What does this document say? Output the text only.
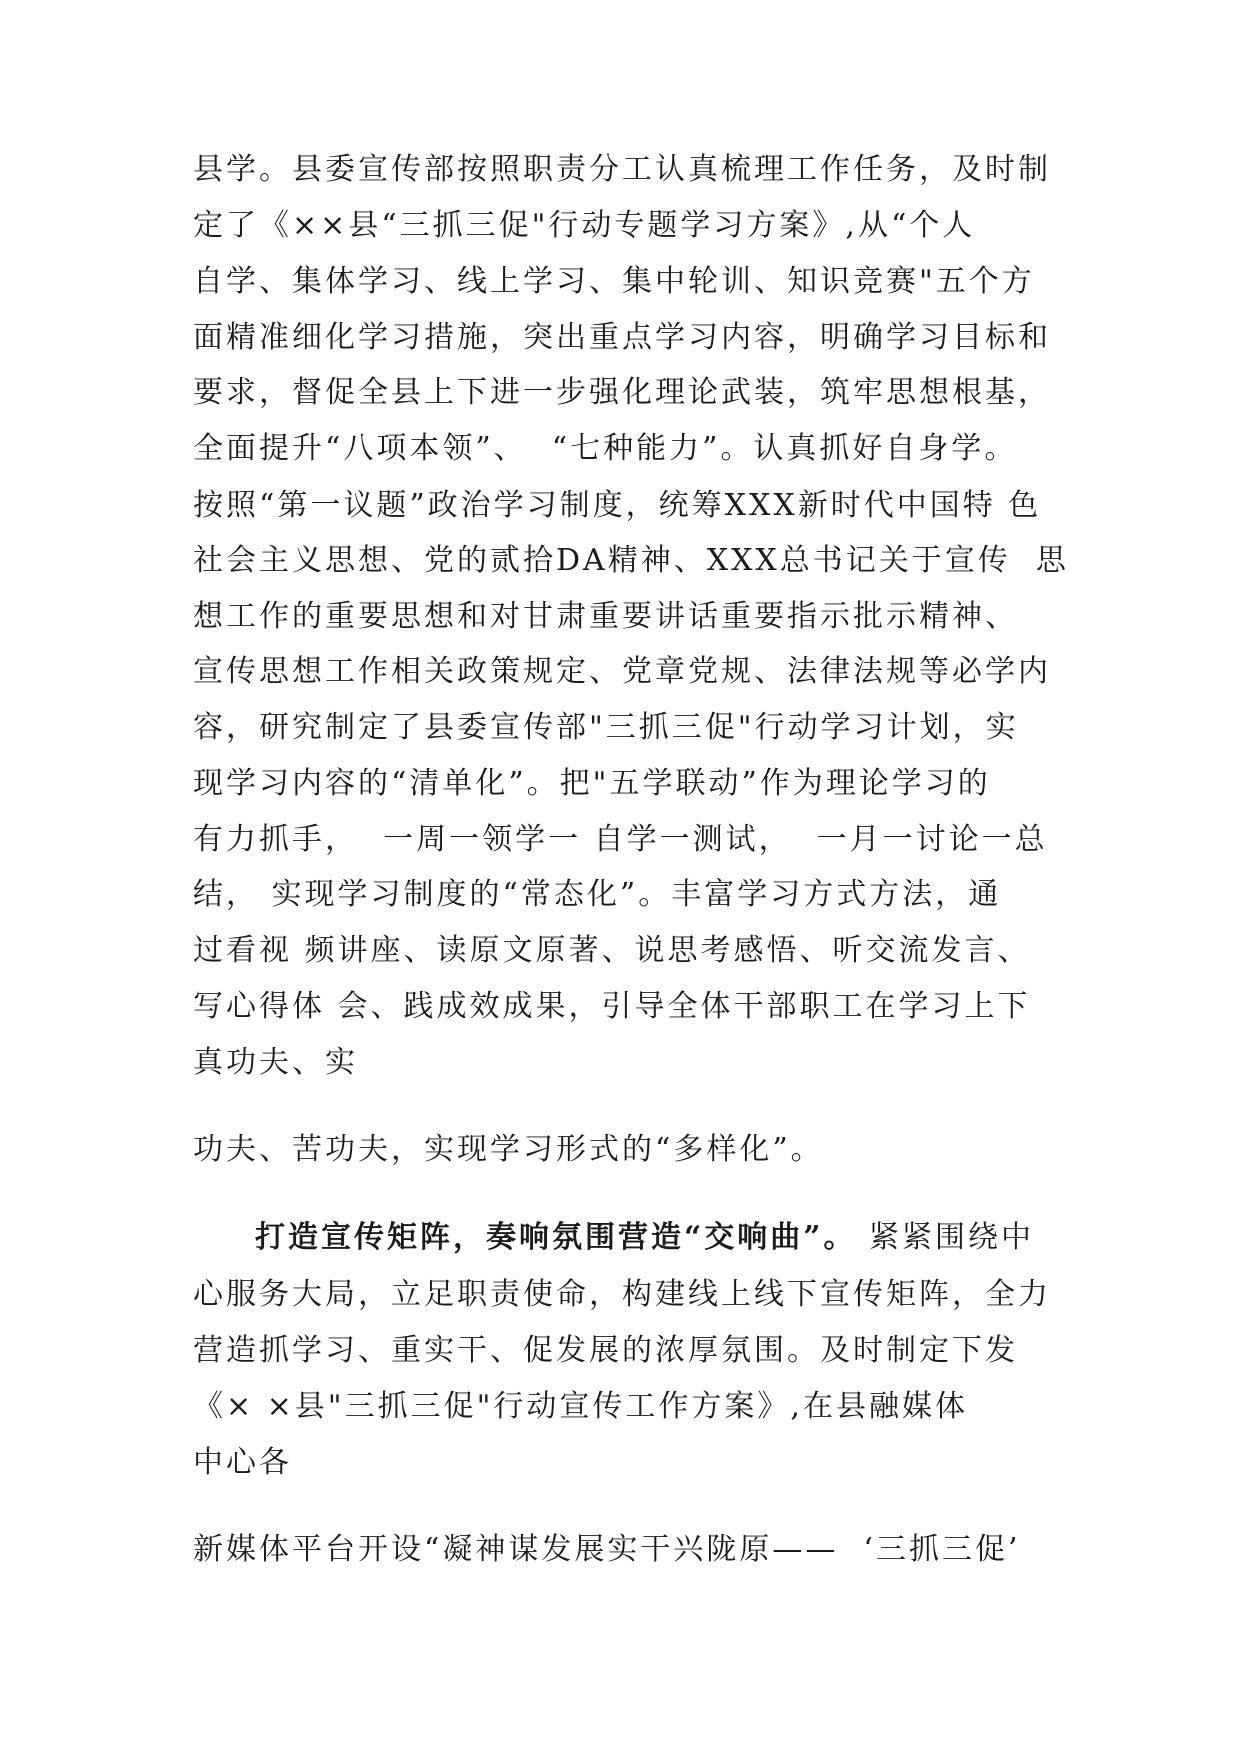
县学。县委宣传部按照职责分工认真梳理工作任务，及时制
定了《××县“三抓三促"行动专题学习方案》,从“个人
自学、集体学习、线上学习、集中轮训、知识竞赛"五个方
面精准细化学习措施，突出重点学习内容，明确学习目标和
要求，督促全县上下进一步强化理论武装，筑牢思想根基，
全面提升“八项本领”、  “七种能力”。认真抓好自身学。
按照“第一议题”政治学习制度，统筹XXX新时代中国特 色
社会主义思想、党的贰拾DA精神、XXX总书记关于宣传  思
想工作的重要思想和对甘肃重要讲话重要指示批示精神、
宣传思想工作相关政策规定、党章党规、法律法规等必学内
容，研究制定了县委宣传部"三抓三促"行动学习计划，实
现学习内容的“清单化”。把"五学联动”作为理论学习的
有力抓手，  一周一领学一 自学一测试，  一月一讨论一总
结， 实现学习制度的“常态化”。丰富学习方式方法，通
过看视 频讲座、读原文原著、说思考感悟、听交流发言、
写心得体 会、践成效成果，引导全体干部职工在学习上下
真功夫、实
功夫、苦功夫，实现学习形式的“多样化”。
打造宣传矩阵，奏响氛围营造“交响曲”。 紧紧围绕中
心服务大局，立足职责使命，构建线上线下宣传矩阵，全力
营造抓学习、重实干、促发展的浓厚氛围。及时制定下发
《× ×县"三抓三促"行动宣传工作方案》,在县融媒体
中心各
新媒体平台开设“凝神谋发展实干兴陇原——  ‘三抓三促’
